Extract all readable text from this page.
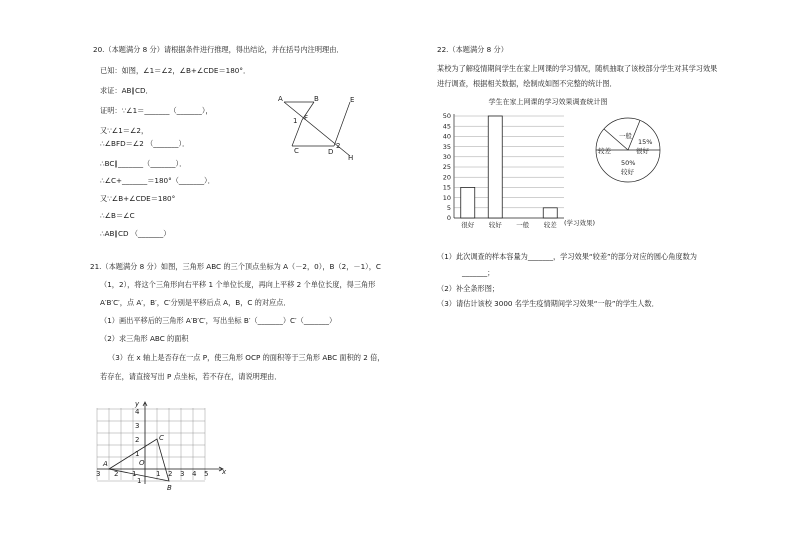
20.（本题满分 8 分）请根据条件进行推理，得出结论，并在括号内注明理由．
已知：如图，∠1＝∠2，∠B+∠CDE＝180°．
求证：AB∥CD．
证明：∵∠1＝_______（_______），
又∵∠1＝∠2，
∴∠BFD＝∠2 （_______）．
∴BC∥_______（_______）．
∴∠C+_______＝180°（_______）．
又∵∠B+∠CDE＝180°
∴∠B＝∠C
∴AB∥CD （_______）
A	B	E
1 F
2
C	D
H
21.（本题满分 8 分）如图，三角形 ABC 的三个顶点坐标为 A（－2，0），B（2，－1），C
（1，2），将这个三角形向右平移 1 个单位长度，再向上平移 2 个单位长度，得三角形
A′B′C′，点 A′，B′，C′分别是平移后点 A，B，C 的对应点．
（1）画出平移后的三角形 A′B′C′，写出坐标 B′（_______）C′（_______）
（2）求三角形 ABC 的面积
（3）在 x 轴上是否存在一点 P，使三角形 OCP 的面积等于三角形 ABC 面积的 2 倍，
若存在，请直接写出 P 点坐标，若不存在，请说明理由．
y
x
4
3
2
1
1
3 2 1	1 2 3 4 5
O
A
C
B
22.（本题满分 8 分）
某校为了解疫情期间学生在家上网课的学习情况，随机抽取了该校部分学生对其学习效果
进行调查，根据相关数据，绘制成如图不完整的统计图．
学生在家上网课的学习效果调查统计图
50
45
40
35
30
25
20
15
10
5
0
很好 较好 一般 较差 (学习效果)
一般
15%
很好
较差
50%
较好
（1）此次调查的样本容量为_______，学习效果“较差”的部分对应的圆心角度数为
_______；
（2）补全条形图；
（3）请估计该校 3000 名学生疫情期间学习效果“一般”的学生人数．
